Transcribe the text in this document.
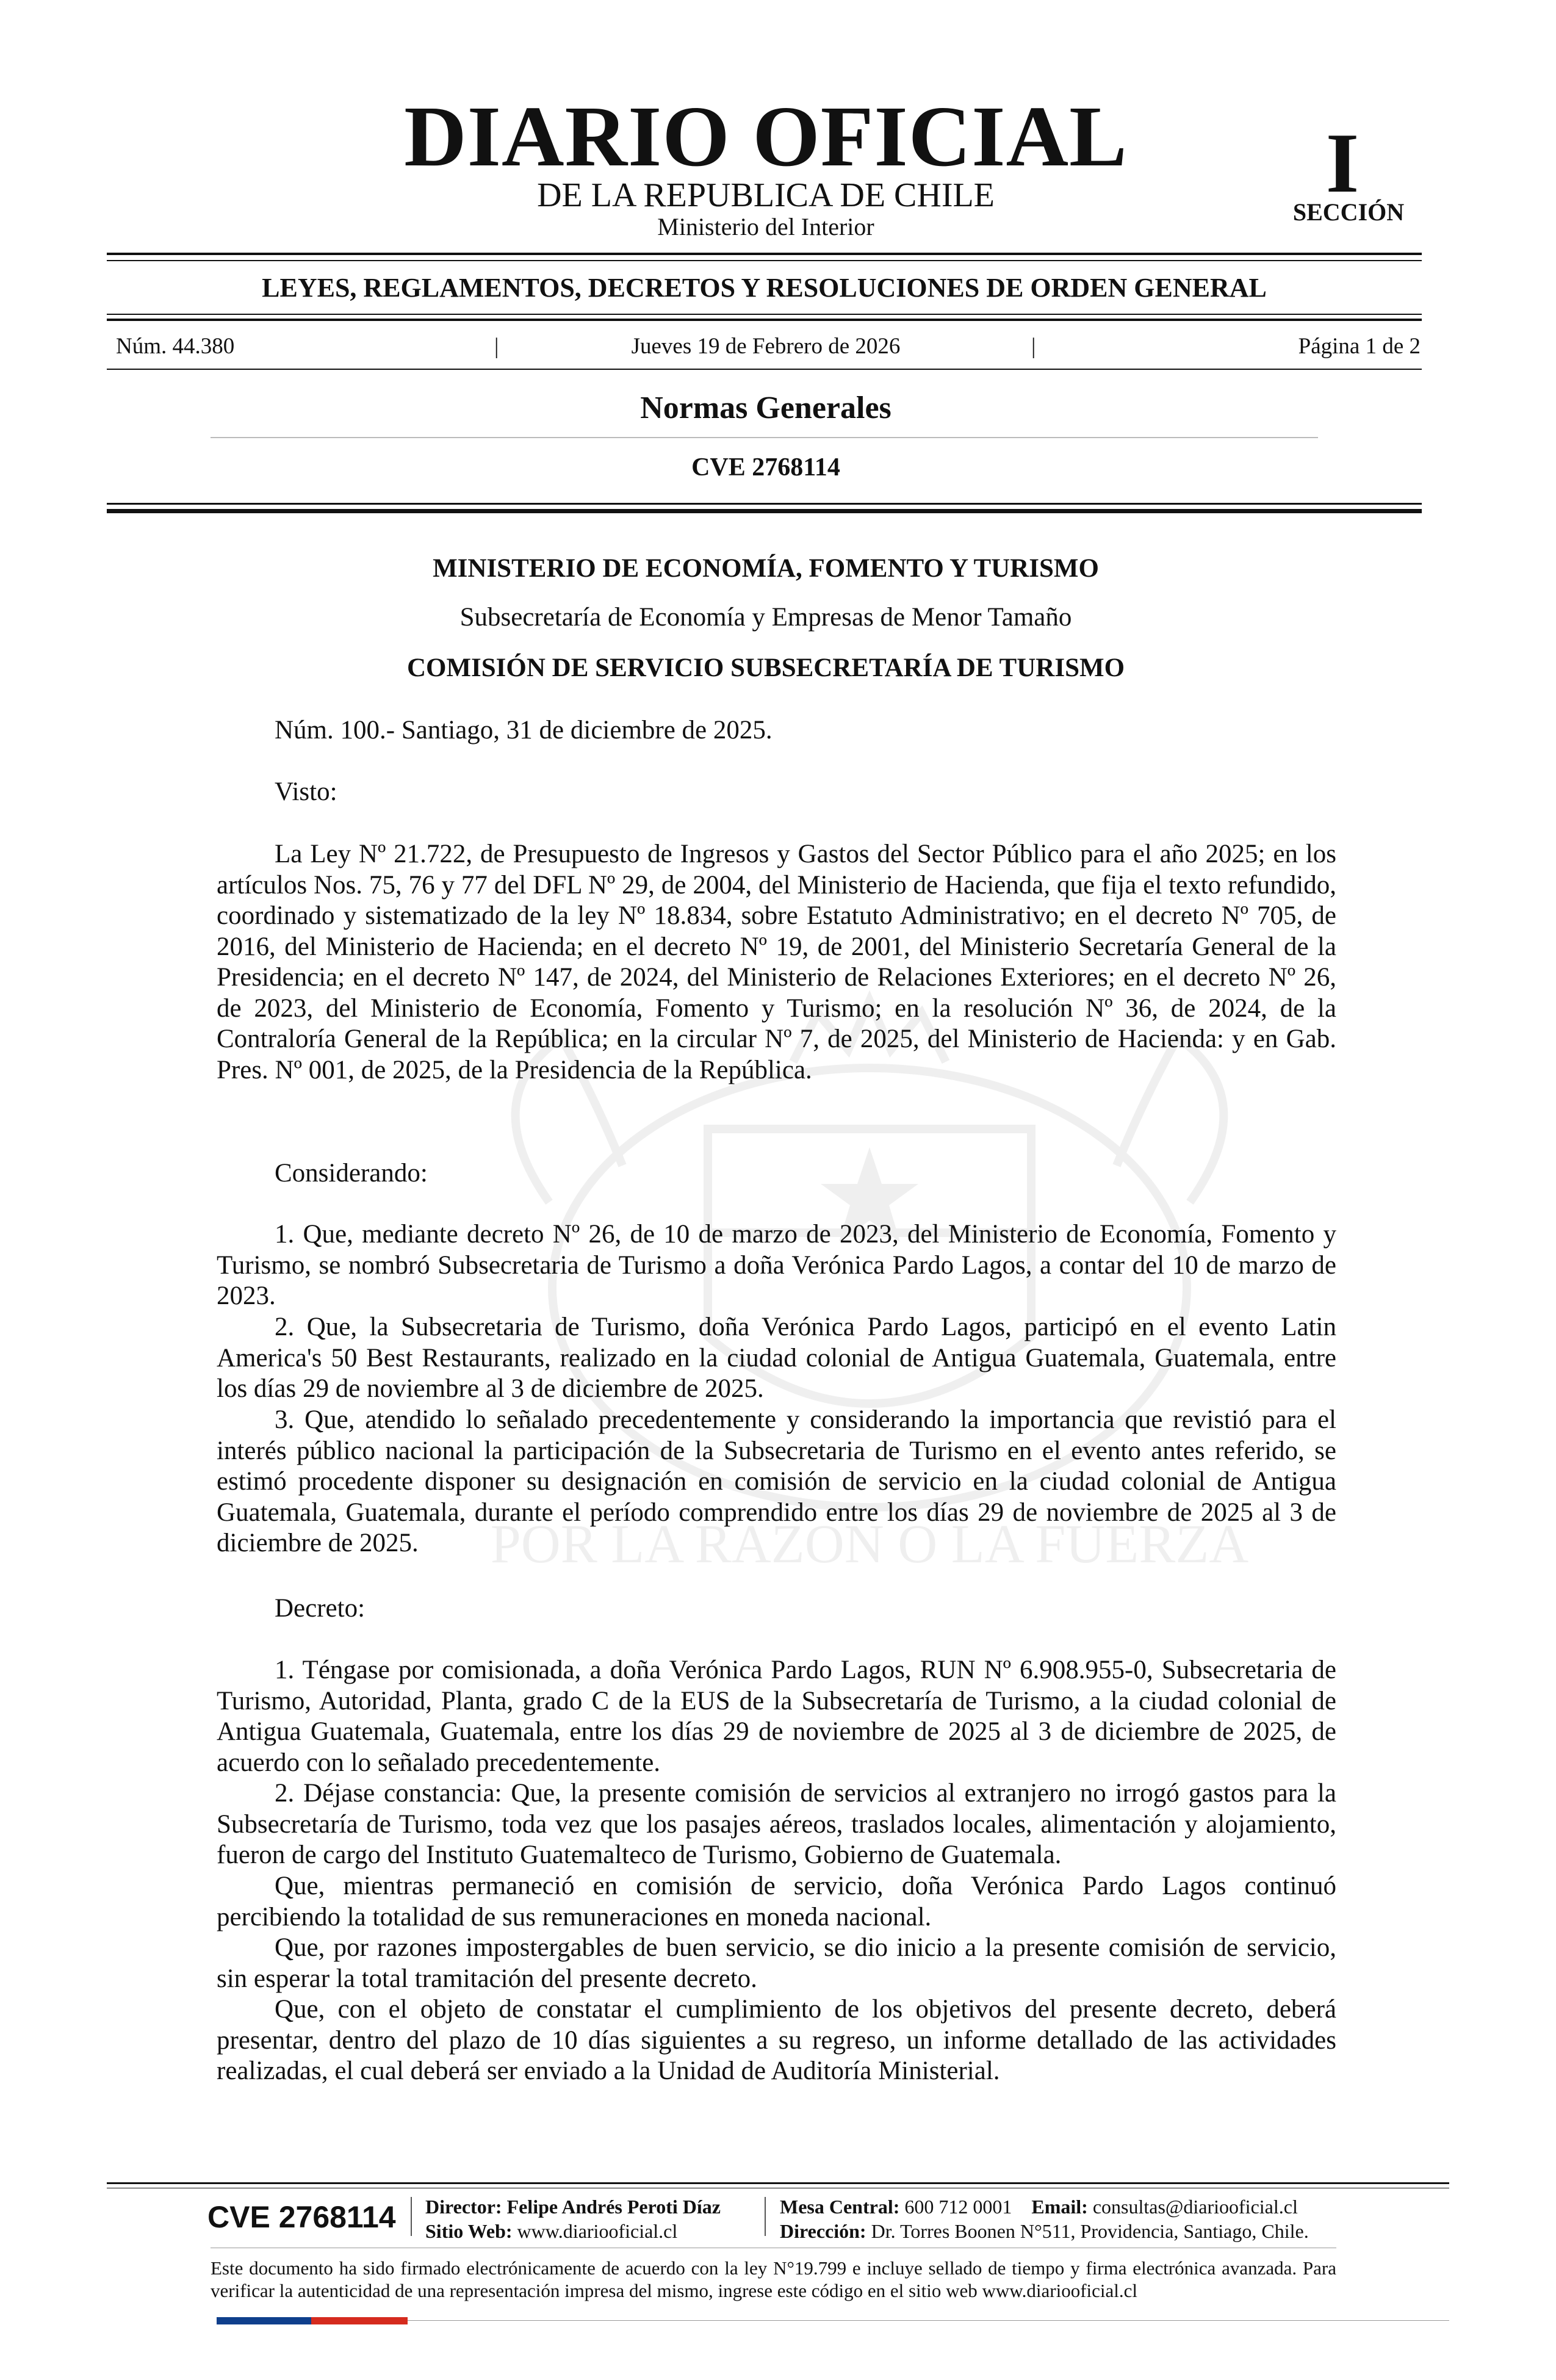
POR LA RAZON O LA FUERZA
DIARIO OFICIAL
DE LA REPUBLICA DE CHILE
Ministerio del Interior
I
SECCIÓN
LEYES, REGLAMENTOS, DECRETOS Y RESOLUCIONES DE ORDEN GENERAL
Núm. 44.380	|	Jueves 19 de Febrero de 2026	|	Página 1 de 2
Normas Generales
CVE 2768114
MINISTERIO DE ECONOMÍA, FOMENTO Y TURISMO
Subsecretaría de Economía y Empresas de Menor Tamaño
COMISIÓN DE SERVICIO SUBSECRETARÍA DE TURISMO

Núm. 100.- Santiago, 31 de diciembre de 2025.

Visto:

La Ley Nº 21.722, de Presupuesto de Ingresos y Gastos del Sector Público para el año 2025; en los artículos Nos. 75, 76 y 77 del DFL Nº 29, de 2004, del Ministerio de Hacienda, que fija el texto refundido, coordinado y sistematizado de la ley Nº 18.834, sobre Estatuto Administrativo; en el decreto Nº 705, de 2016, del Ministerio de Hacienda; en el decreto Nº 19, de 2001, del Ministerio Secretaría General de la Presidencia; en el decreto Nº 147, de 2024, del Ministerio de Relaciones Exteriores; en el decreto Nº 26, de 2023, del Ministerio de Economía, Fomento y Turismo; en la resolución Nº 36, de 2024, de la Contraloría General de la República; en la circular Nº 7, de 2025, del Ministerio de Hacienda: y en Gab. Pres. Nº 001, de 2025, de la Presidencia de la República.

Considerando:

1. Que, mediante decreto Nº 26, de 10 de marzo de 2023, del Ministerio de Economía, Fomento y Turismo, se nombró Subsecretaria de Turismo a doña Verónica Pardo Lagos, a contar del 10 de marzo de 2023.

2. Que, la Subsecretaria de Turismo, doña Verónica Pardo Lagos, participó en el evento Latin America's 50 Best Restaurants, realizado en la ciudad colonial de Antigua Guatemala, Guatemala, entre los días 29 de noviembre al 3 de diciembre de 2025.

3. Que, atendido lo señalado precedentemente y considerando la importancia que revistió para el interés público nacional la participación de la Subsecretaria de Turismo en el evento antes referido, se estimó procedente disponer su designación en comisión de servicio en la ciudad colonial de Antigua Guatemala, Guatemala, durante el período comprendido entre los días 29 de noviembre de 2025 al 3 de diciembre de 2025.

Decreto:

1. Téngase por comisionada, a doña Verónica Pardo Lagos, RUN Nº 6.908.955-0, Subsecretaria de Turismo, Autoridad, Planta, grado C de la EUS de la Subsecretaría de Turismo, a la ciudad colonial de Antigua Guatemala, Guatemala, entre los días 29 de noviembre de 2025 al 3 de diciembre de 2025, de acuerdo con lo señalado precedentemente.

2. Déjase constancia: Que, la presente comisión de servicios al extranjero no irrogó gastos para la Subsecretaría de Turismo, toda vez que los pasajes aéreos, traslados locales, alimentación y alojamiento, fueron de cargo del Instituto Guatemalteco de Turismo, Gobierno de Guatemala.

Que, mientras permaneció en comisión de servicio, doña Verónica Pardo Lagos continuó percibiendo la totalidad de sus remuneraciones en moneda nacional.

Que, por razones impostergables de buen servicio, se dio inicio a la presente comisión de servicio, sin esperar la total tramitación del presente decreto.

Que, con el objeto de constatar el cumplimiento de los objetivos del presente decreto, deberá presentar, dentro del plazo de 10 días siguientes a su regreso, un informe detallado de las actividades realizadas, el cual deberá ser enviado a la Unidad de Auditoría Ministerial.

CVE 2768114	Director: Felipe Andrés Peroti Díaz
Sitio Web: www.diariooficial.cl
Mesa Central: 600 712 0001 Email: consultas@diariooficial.cl
Dirección: Dr. Torres Boonen N°511, Providencia, Santiago, Chile.
Este documento ha sido firmado electrónicamente de acuerdo con la ley N°19.799 e incluye sellado de tiempo y firma electrónica avanzada. Para verificar la autenticidad de una representación impresa del mismo, ingrese este código en el sitio web www.diariooficial.cl
